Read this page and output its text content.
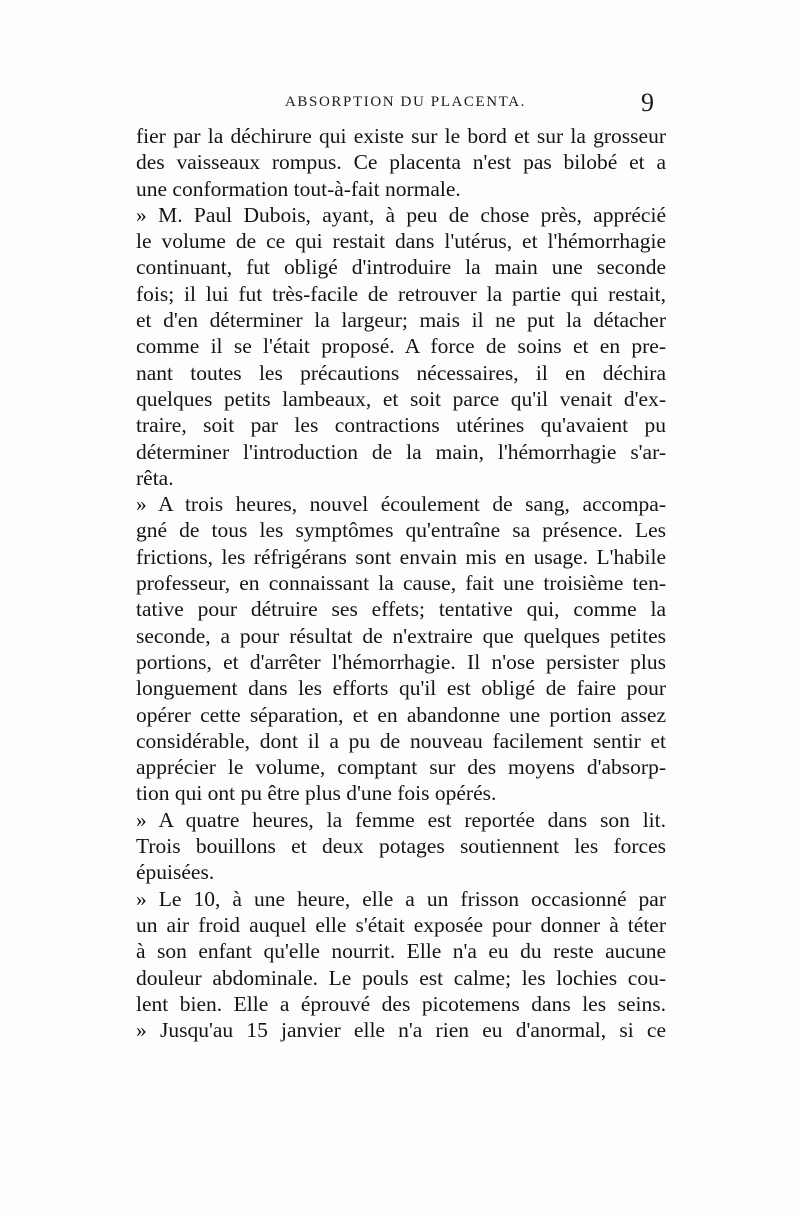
ABSORPTION DU PLACENTA.	9
fier par la déchirure qui existe sur le bord et sur la grosseur
des vaisseaux rompus. Ce placenta n'est pas bilobé et a
une conformation tout-à-fait normale.
» M. Paul Dubois, ayant, à peu de chose près, apprécié
le volume de ce qui restait dans l'utérus, et l'hémorrhagie
continuant, fut obligé d'introduire la main une seconde
fois; il lui fut très-facile de retrouver la partie qui restait,
et d'en déterminer la largeur; mais il ne put la détacher
comme il se l'était proposé. A force de soins et en pre-
nant toutes les précautions nécessaires, il en déchira
quelques petits lambeaux, et soit parce qu'il venait d'ex-
traire, soit par les contractions utérines qu'avaient pu
déterminer l'introduction de la main, l'hémorrhagie s'ar-
rêta.
» A trois heures, nouvel écoulement de sang, accompa-
gné de tous les symptômes qu'entraîne sa présence. Les
frictions, les réfrigérans sont envain mis en usage. L'habile
professeur, en connaissant la cause, fait une troisième ten-
tative pour détruire ses effets; tentative qui, comme la
seconde, a pour résultat de n'extraire que quelques petites
portions, et d'arrêter l'hémorrhagie. Il n'ose persister plus
longuement dans les efforts qu'il est obligé de faire pour
opérer cette séparation, et en abandonne une portion assez
considérable, dont il a pu de nouveau facilement sentir et
apprécier le volume, comptant sur des moyens d'absorp-
tion qui ont pu être plus d'une fois opérés.
» A quatre heures, la femme est reportée dans son lit.
Trois bouillons et deux potages soutiennent les forces
épuisées.
» Le 10, à une heure, elle a un frisson occasionné par
un air froid auquel elle s'était exposée pour donner à téter
à son enfant qu'elle nourrit. Elle n'a eu du reste aucune
douleur abdominale. Le pouls est calme; les lochies cou-
lent bien. Elle a éprouvé des picotemens dans les seins.
» Jusqu'au 15 janvier elle n'a rien eu d'anormal, si ce
